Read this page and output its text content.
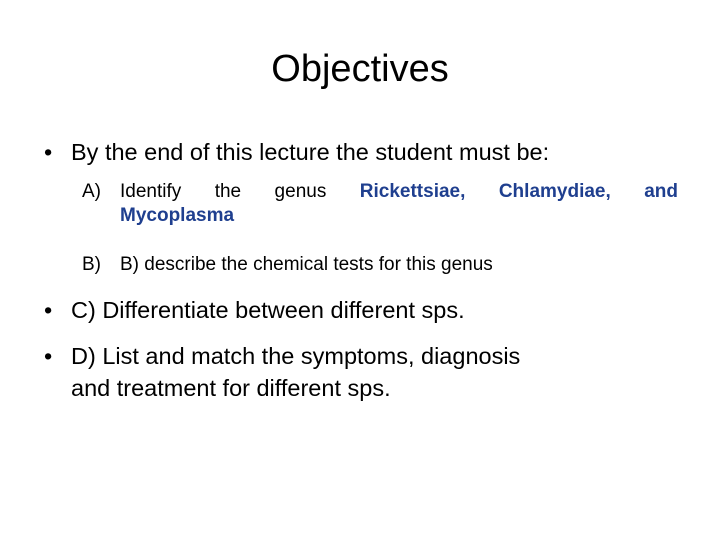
Objectives
• By the end of this lecture the student must be:
A) Identify the genus Rickettsiae, Chlamydiae, and
Mycoplasma
B) B) describe the chemical tests for this genus
• C) Differentiate between different sps.
• D) List and match the symptoms, diagnosis
and treatment for different sps.
